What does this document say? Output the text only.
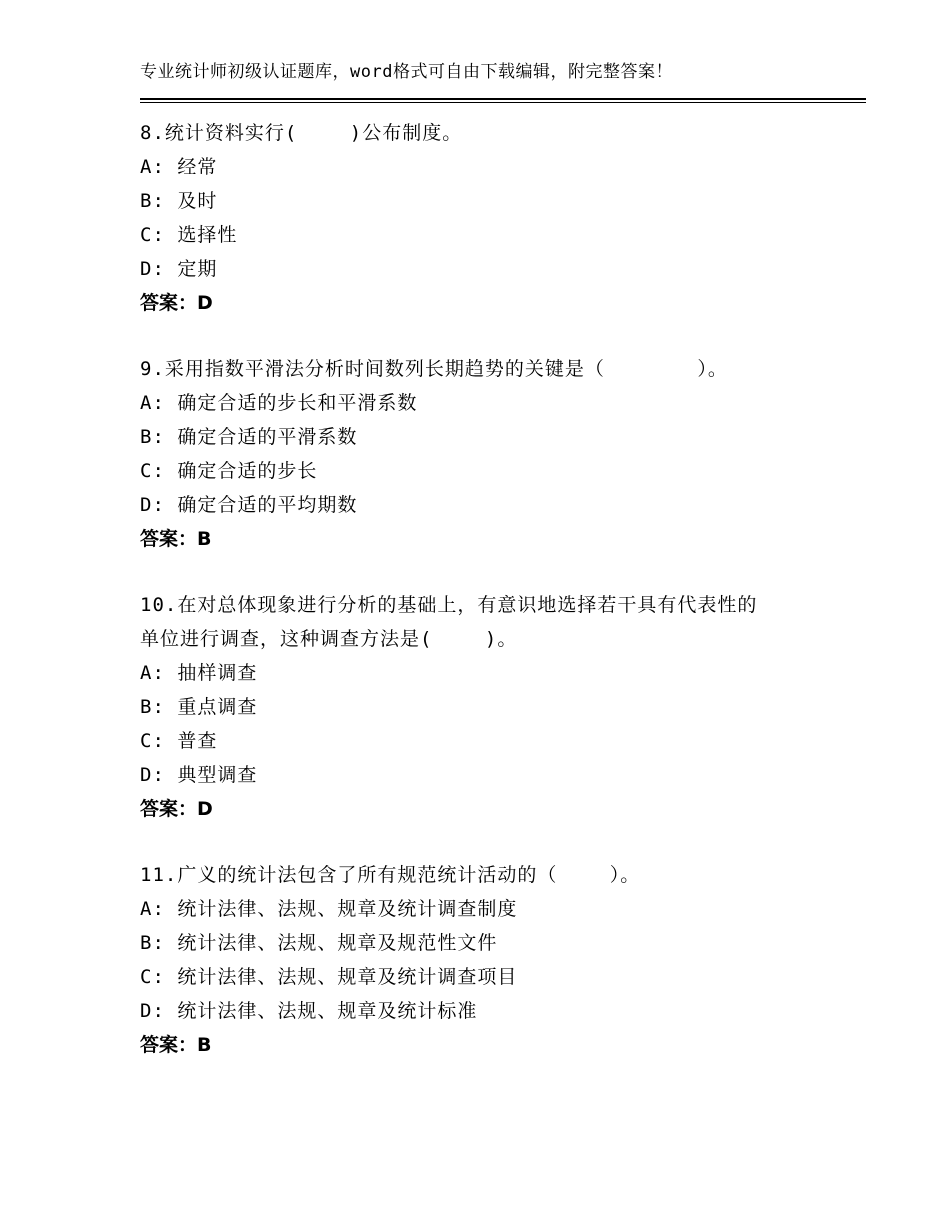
专业统计师初级认证题库，word格式可自由下载编辑，附完整答案！
8.统计资料实行(　　 )公布制度。
A: 经常
B: 及时
C: 选择性
D: 定期
答案：D
9.采用指数平滑法分析时间数列长期趋势的关键是（　　　　 ）。
A: 确定合适的步长和平滑系数
B: 确定合适的平滑系数
C: 确定合适的步长
D: 确定合适的平均期数
答案：B
10.在对总体现象进行分析的基础上，有意识地选择若干具有代表性的
单位进行调查，这种调查方法是(　　 )。
A: 抽样调查
B: 重点调查
C: 普查
D: 典型调查
答案：D
11.广义的统计法包含了所有规范统计活动的（　　 ）。
A: 统计法律、法规、规章及统计调查制度
B: 统计法律、法规、规章及规范性文件
C: 统计法律、法规、规章及统计调查项目
D: 统计法律、法规、规章及统计标准
答案：B
